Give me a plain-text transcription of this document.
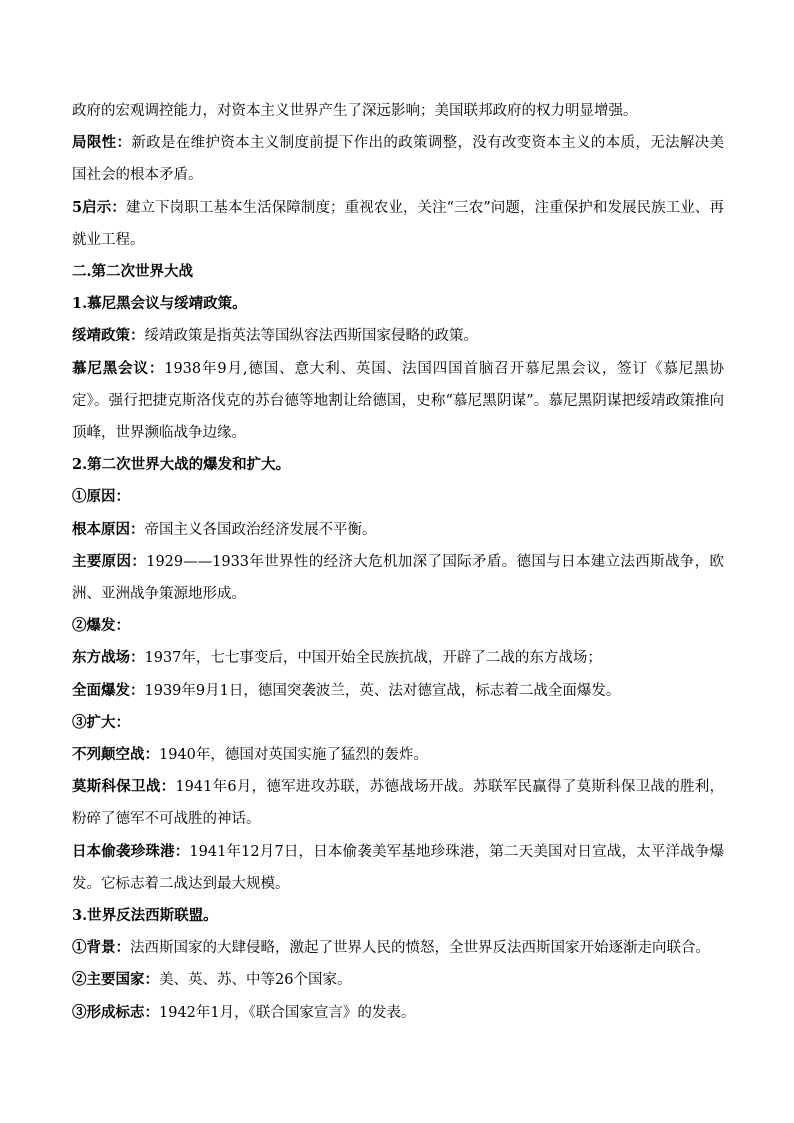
政府的宏观调控能力，对资本主义世界产生了深远影响；美国联邦政府的权力明显增强。

局限性：新政是在维护资本主义制度前提下作出的政策调整，没有改变资本主义的本质，无法解决美国社会的根本矛盾。

5启示：建立下岗职工基本生活保障制度；重视农业，关注“三农”问题，注重保护和发展民族工业、再就业工程。

二.第二次世界大战

1.慕尼黑会议与绥靖政策。

绥靖政策：绥靖政策是指英法等国纵容法西斯国家侵略的政策。

慕尼黑会议：1938年9月,德国、意大利、英国、法国四国首脑召开慕尼黑会议，签订《慕尼黑协定》。强行把捷克斯洛伐克的苏台德等地割让给德国，史称“慕尼黑阴谋”。慕尼黑阴谋把绥靖政策推向顶峰，世界濒临战争边缘。

2.第二次世界大战的爆发和扩大。

①原因：

根本原因：帝国主义各国政治经济发展不平衡。

主要原因：1929——1933年世界性的经济大危机加深了国际矛盾。德国与日本建立法西斯战争，欧洲、亚洲战争策源地形成。

②爆发：

东方战场：1937年，七七事变后，中国开始全民族抗战，开辟了二战的东方战场；

全面爆发：1939年9月1日，德国突袭波兰，英、法对德宣战，标志着二战全面爆发。

③扩大：

不列颠空战：1940年，德国对英国实施了猛烈的轰炸。

莫斯科保卫战：1941年6月，德军进攻苏联，苏德战场开战。苏联军民赢得了莫斯科保卫战的胜利，粉碎了德军不可战胜的神话。

日本偷袭珍珠港：1941年12月7日，日本偷袭美军基地珍珠港，第二天美国对日宣战，太平洋战争爆发。它标志着二战达到最大规模。

3.世界反法西斯联盟。

①背景：法西斯国家的大肆侵略，激起了世界人民的愤怒，全世界反法西斯国家开始逐渐走向联合。

②主要国家：美、英、苏、中等26个国家。

③形成标志：1942年1月，《联合国家宣言》的发表。
